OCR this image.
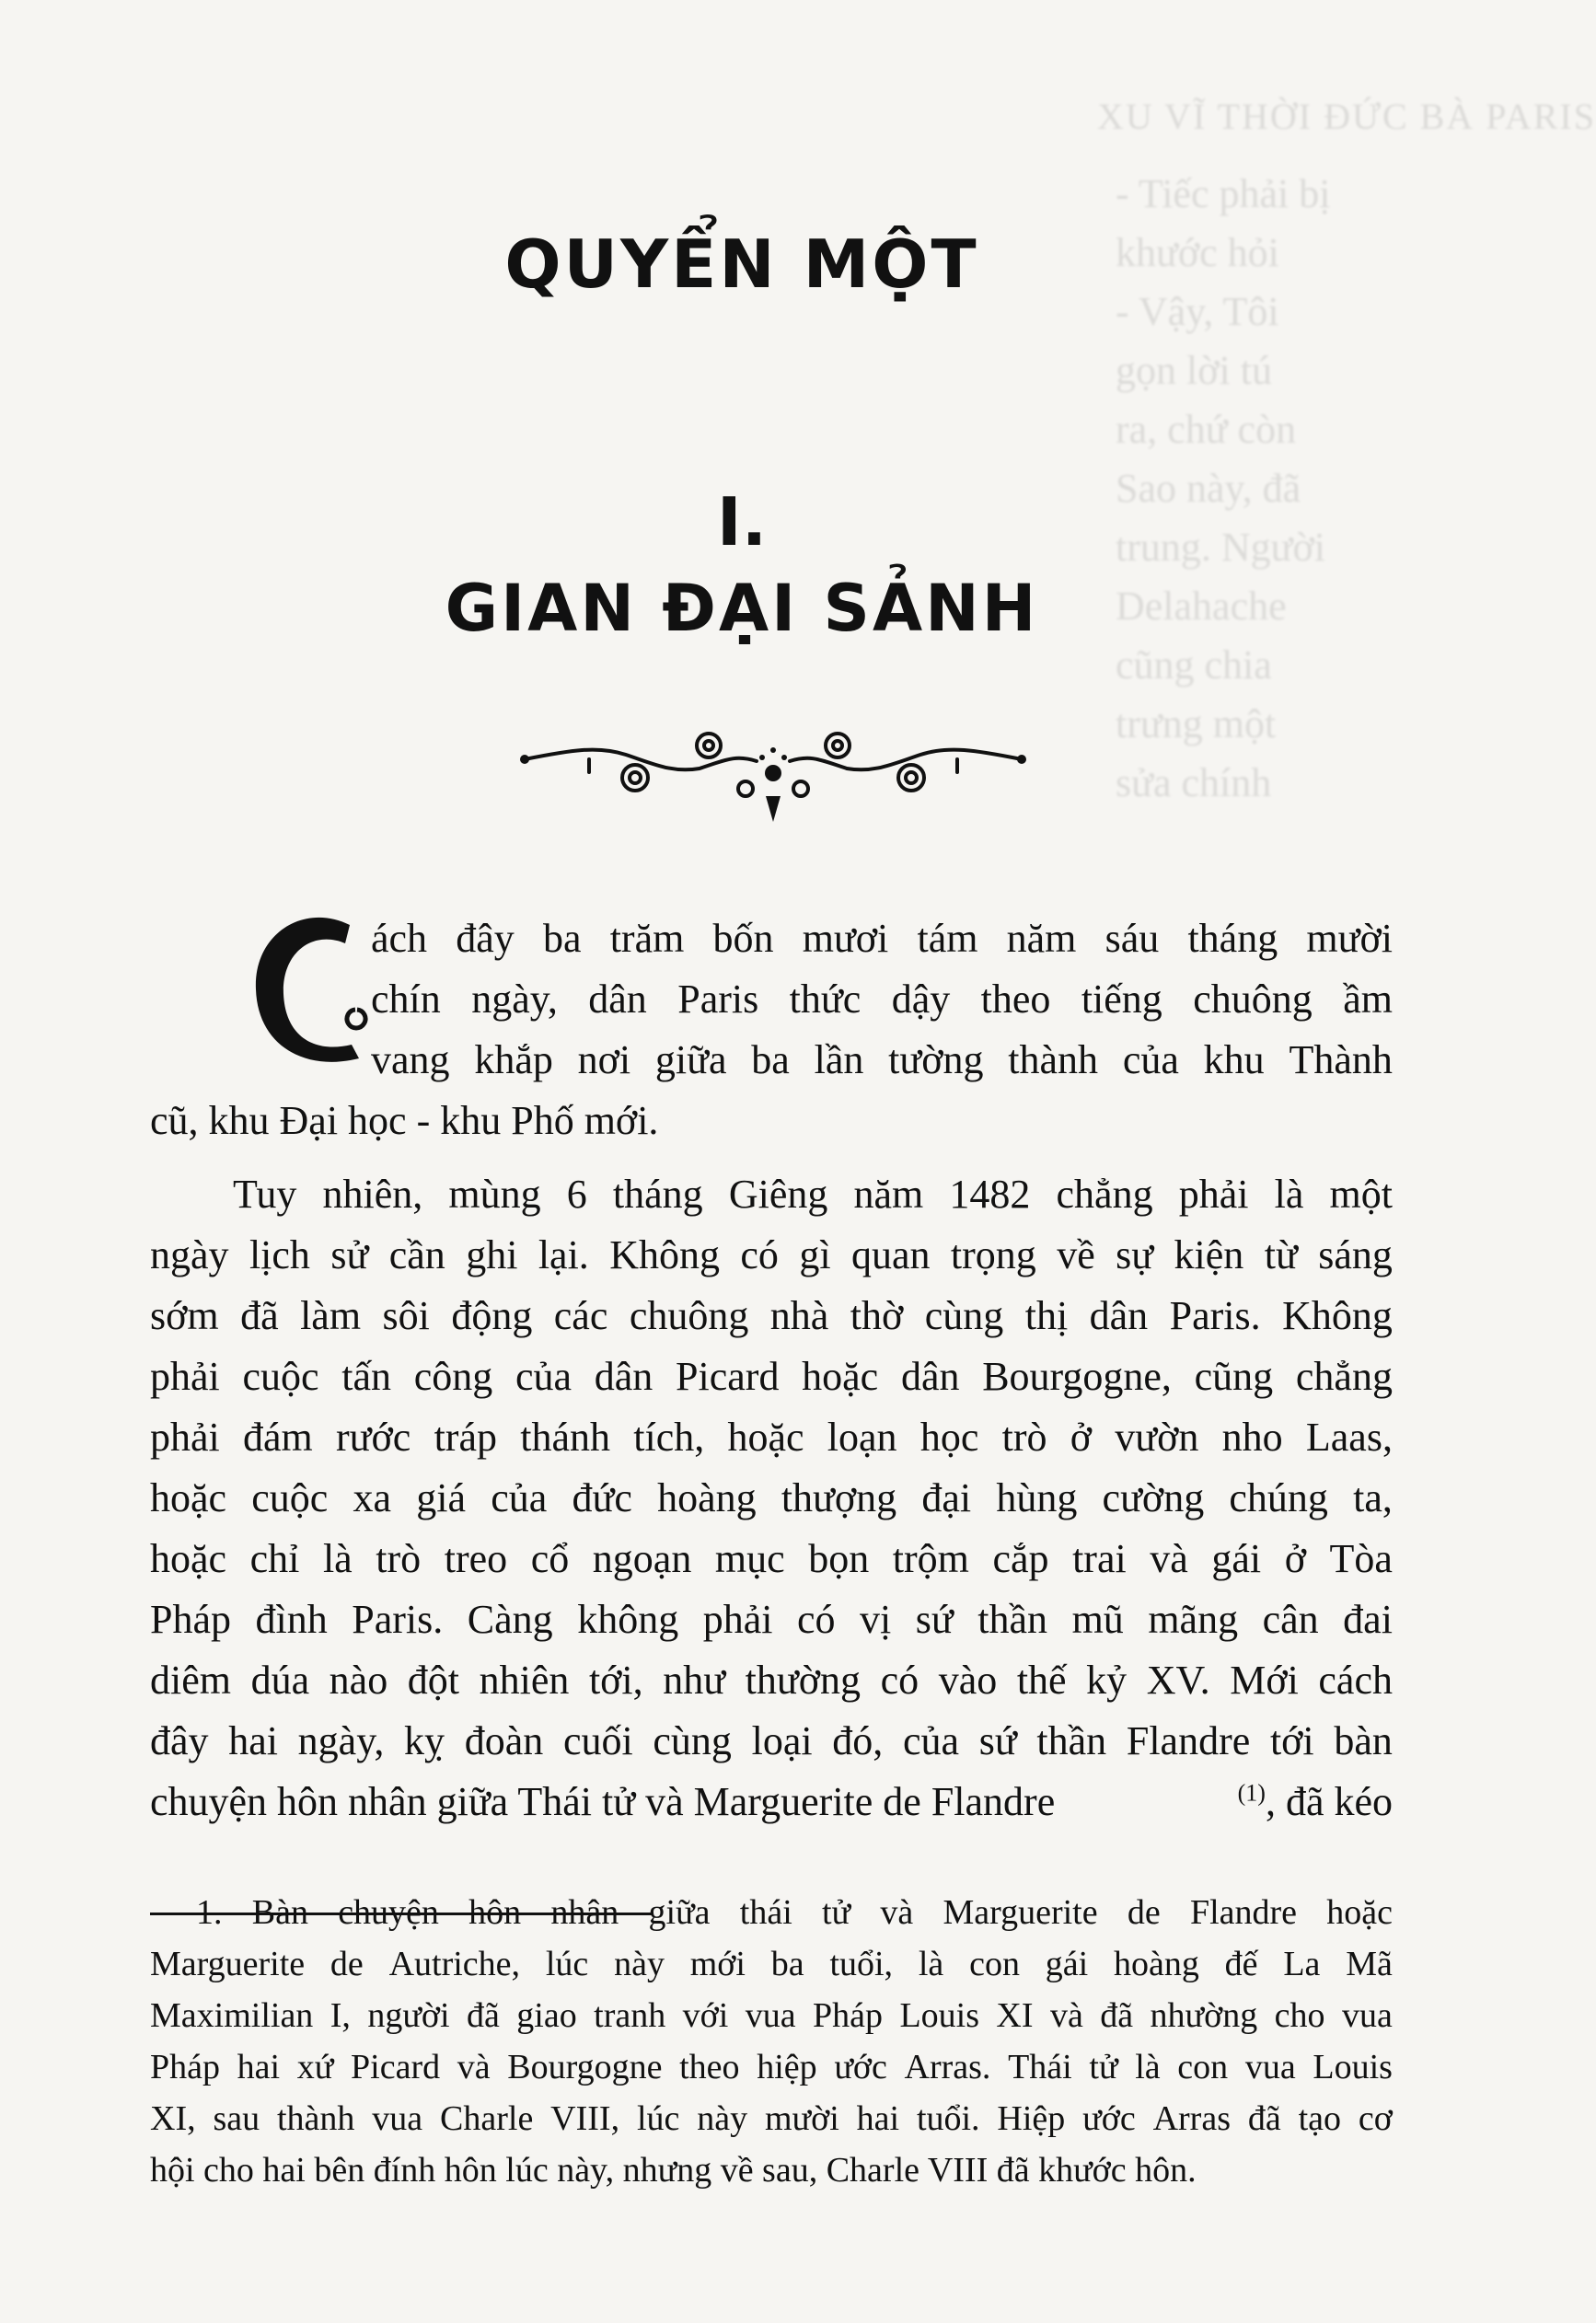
XU VĨ THỜI ĐỨC BÀ PARIS
- Tiếc phải bị
khước hỏi
- Vậy, Tôi
gọn lời tú
ra, chứ còn
Sao này, đã
trung. Người
Delahache
cũng chia
trưng một
sửa chính
QUYỂN MỘT
I.
GIAN ĐẠI SẢNH
ách đây ba trăm bốn mươi tám năm sáu tháng mười
chín ngày, dân Paris thức dậy theo tiếng chuông ầm
vang khắp nơi giữa ba lần tường thành của khu Thành
cũ, khu Đại học - khu Phố mới.
Tuy nhiên, mùng 6 tháng Giêng năm 1482 chẳng phải là một
ngày lịch sử cần ghi lại. Không có gì quan trọng về sự kiện từ sáng
sớm đã làm sôi động các chuông nhà thờ cùng thị dân Paris. Không
phải cuộc tấn công của dân Picard hoặc dân Bourgogne, cũng chẳng
phải đám rước tráp thánh tích, hoặc loạn học trò ở vườn nho Laas,
hoặc cuộc xa giá của đức hoàng thượng đại hùng cường chúng ta,
hoặc chỉ là trò treo cổ ngoạn mục bọn trộm cắp trai và gái ở Tòa
Pháp đình Paris. Càng không phải có vị sứ thần mũ mãng cân đai
diêm dúa nào đột nhiên tới, như thường có vào thế kỷ XV. Mới cách
đây hai ngày, kỵ đoàn cuối cùng loại đó, của sứ thần Flandre tới bàn
chuyện hôn nhân giữa Thái tử và Marguerite de Flandre	$^{(1)}$, đã kéo
1. Bàn chuyện hôn nhân giữa thái tử và Marguerite de Flandre hoặc
Marguerite de Autriche, lúc này mới ba tuổi, là con gái hoàng đế La Mã
Maximilian I, người đã giao tranh với vua Pháp Louis XI và đã nhường cho vua
Pháp hai xứ Picard và Bourgogne theo hiệp ước Arras. Thái tử là con vua Louis
XI, sau thành vua Charle VIII, lúc này mười hai tuổi. Hiệp ước Arras đã tạo cơ
hội cho hai bên đính hôn lúc này, nhưng về sau, Charle VIII đã khước hôn.
